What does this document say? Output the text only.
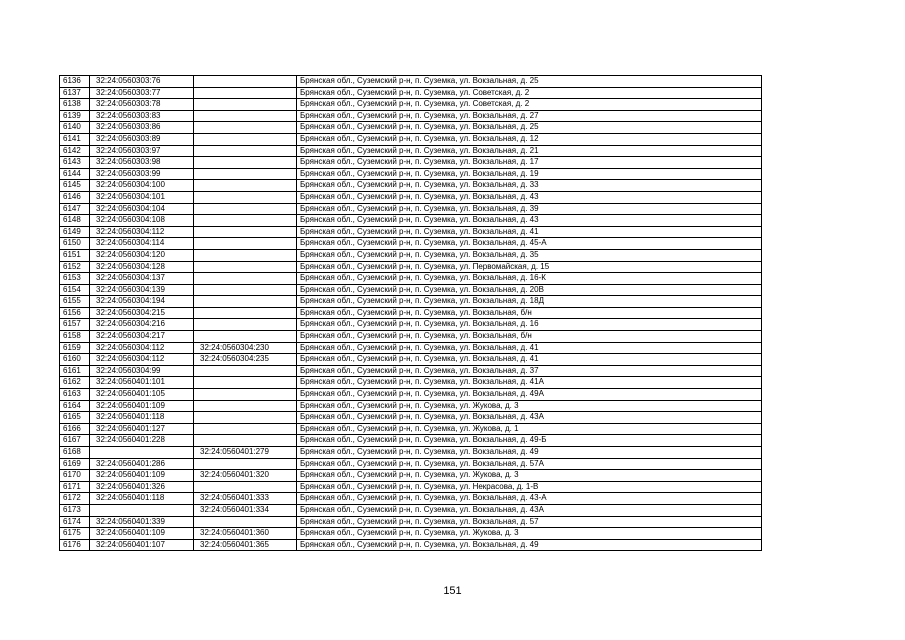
6136	32:24:0560303:76		Брянская обл., Суземский р-н, п. Суземка, ул. Вокзальная, д. 25
6137	32:24:0560303:77		Брянская обл., Суземский р-н, п. Суземка, ул. Советская, д. 2
6138	32:24:0560303:78		Брянская обл., Суземский р-н, п. Суземка, ул. Советская, д. 2
6139	32:24:0560303:83		Брянская обл., Суземский р-н, п. Суземка, ул. Вокзальная, д. 27
6140	32:24:0560303:86		Брянская обл., Суземский р-н, п. Суземка, ул. Вокзальная, д. 25
6141	32:24:0560303:89		Брянская обл., Суземский р-н, п. Суземка, ул. Вокзальная, д. 12
6142	32:24:0560303:97		Брянская обл., Суземский р-н, п. Суземка, ул. Вокзальная, д. 21
6143	32:24:0560303:98		Брянская обл., Суземский р-н, п. Суземка, ул. Вокзальная, д. 17
6144	32:24:0560303:99		Брянская обл., Суземский р-н, п. Суземка, ул. Вокзальная, д. 19
6145	32:24:0560304:100		Брянская обл., Суземский р-н, п. Суземка, ул. Вокзальная, д. 33
6146	32:24:0560304:101		Брянская обл., Суземский р-н, п. Суземка, ул. Вокзальная, д. 43
6147	32:24:0560304:104		Брянская обл., Суземский р-н, п. Суземка, ул. Вокзальная, д. 39
6148	32:24:0560304:108		Брянская обл., Суземский р-н, п. Суземка, ул. Вокзальная, д. 43
6149	32:24:0560304:112		Брянская обл., Суземский р-н, п. Суземка, ул. Вокзальная, д. 41
6150	32:24:0560304:114		Брянская обл., Суземский р-н, п. Суземка, ул. Вокзальная, д. 45-А
6151	32:24:0560304:120		Брянская обл., Суземский р-н, п. Суземка, ул. Вокзальная, д. 35
6152	32:24:0560304:128		Брянская обл., Суземский р-н, п. Суземка, ул. Первомайская, д. 15
6153	32:24:0560304:137		Брянская обл., Суземский р-н, п. Суземка, ул. Вокзальная, д. 16-К
6154	32:24:0560304:139		Брянская обл., Суземский р-н, п. Суземка, ул. Вокзальная, д. 20В
6155	32:24:0560304:194		Брянская обл., Суземский р-н, п. Суземка, ул. Вокзальная, д. 18Д
6156	32:24:0560304:215		Брянская обл., Суземский р-н, п. Суземка, ул. Вокзальная, б/н
6157	32:24:0560304:216		Брянская обл., Суземский р-н, п. Суземка, ул. Вокзальная, д. 16
6158	32:24:0560304:217		Брянская обл., Суземский р-н, п. Суземка, ул. Вокзальная, б/н
6159	32:24:0560304:112	32:24:0560304:230	Брянская обл., Суземский р-н, п. Суземка, ул. Вокзальная, д. 41
6160	32:24:0560304:112	32:24:0560304:235	Брянская обл., Суземский р-н, п. Суземка, ул. Вокзальная, д. 41
6161	32:24:0560304:99		Брянская обл., Суземский р-н, п. Суземка, ул. Вокзальная, д. 37
6162	32:24:0560401:101		Брянская обл., Суземский р-н, п. Суземка, ул. Вокзальная, д. 41А
6163	32:24:0560401:105		Брянская обл., Суземский р-н, п. Суземка, ул. Вокзальная, д. 49А
6164	32:24:0560401:109		Брянская обл., Суземский р-н, п. Суземка, ул. Жукова, д. 3
6165	32:24:0560401:118		Брянская обл., Суземский р-н, п. Суземка, ул. Вокзальная, д. 43А
6166	32:24:0560401:127		Брянская обл., Суземский р-н, п. Суземка, ул. Жукова, д. 1
6167	32:24:0560401:228		Брянская обл., Суземский р-н, п. Суземка, ул. Вокзальная, д. 49-Б
6168		32:24:0560401:279	Брянская обл., Суземский р-н, п. Суземка, ул. Вокзальная, д. 49
6169	32:24:0560401:286		Брянская обл., Суземский р-н, п. Суземка, ул. Вокзальная, д. 57А
6170	32:24:0560401:109	32:24:0560401:320	Брянская обл., Суземский р-н, п. Суземка, ул. Жукова, д. 3
6171	32:24:0560401:326		Брянская обл., Суземский р-н, п. Суземка, ул. Некрасова, д. 1-В
6172	32:24:0560401:118	32:24:0560401:333	Брянская обл., Суземский р-н, п. Суземка, ул. Вокзальная, д. 43-А
6173		32:24:0560401:334	Брянская обл., Суземский р-н, п. Суземка, ул. Вокзальная, д. 43А
6174	32:24:0560401:339		Брянская обл., Суземский р-н, п. Суземка, ул. Вокзальная, д. 57
6175	32:24:0560401:109	32:24:0560401:360	Брянская обл., Суземский р-н, п. Суземка, ул. Жукова, д. 3
6176	32:24:0560401:107	32:24:0560401:365	Брянская обл., Суземский р-н, п. Суземка, ул. Вокзальная, д. 49
151
